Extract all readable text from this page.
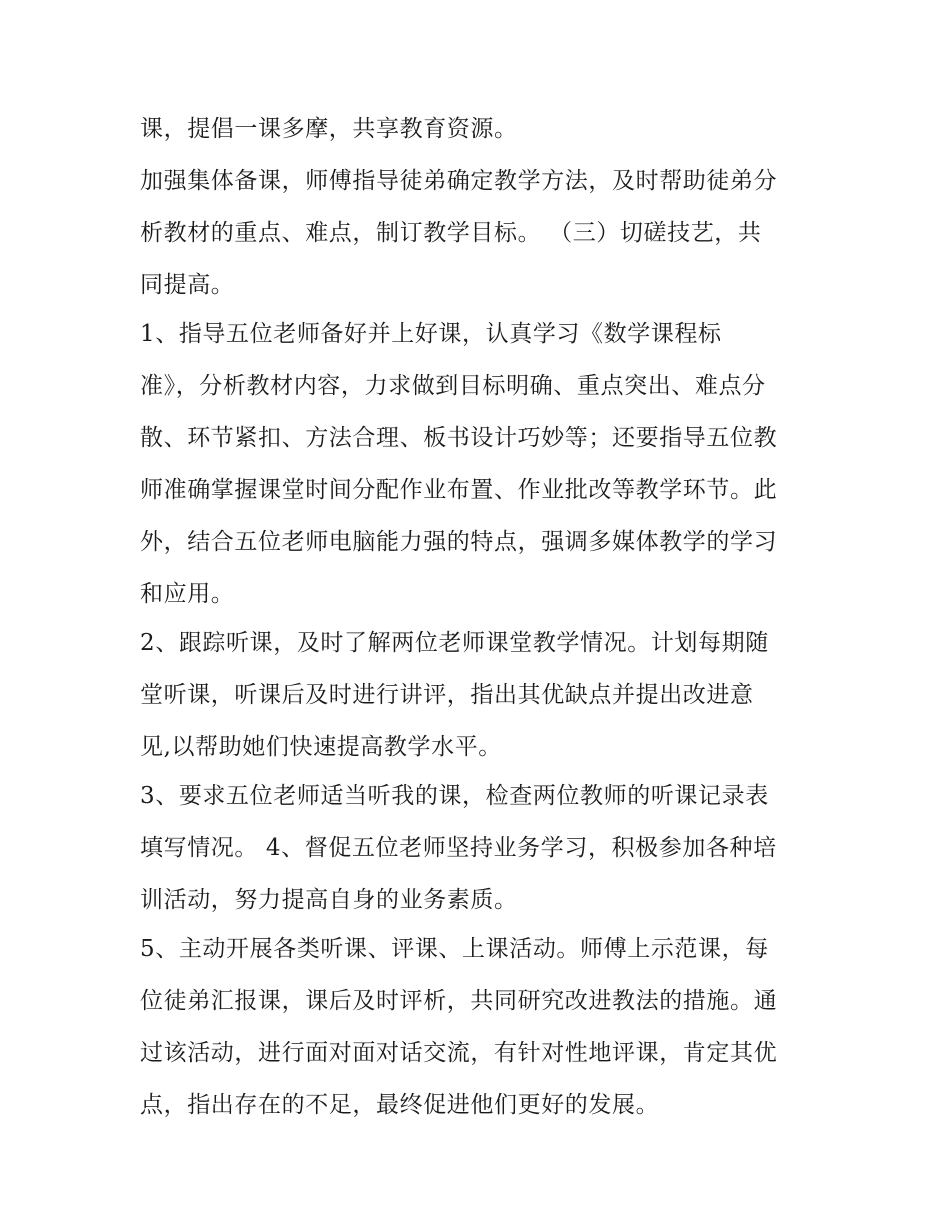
课，提倡一课多摩，共享教育资源。

加强集体备课，师傅指导徒弟确定教学方法，及时帮助徒弟分

析教材的重点、难点，制订教学目标。 （三）切磋技艺，共

同提高。

1、指导五位老师备好并上好课，认真学习《数学课程标

准》，分析教材内容，力求做到目标明确、重点突出、难点分

散、环节紧扣、方法合理、板书设计巧妙等；还要指导五位教

师准确掌握课堂时间分配作业布置、作业批改等教学环节。此

外，结合五位老师电脑能力强的特点，强调多媒体教学的学习

和应用。

2、跟踪听课，及时了解两位老师课堂教学情况。计划每期随

堂听课，听课后及时进行讲评，指出其优缺点并提出改进意

见,以帮助她们快速提高教学水平。

3、要求五位老师适当听我的课，检查两位教师的听课记录表

填写情况。 4、督促五位老师坚持业务学习，积极参加各种培

训活动，努力提高自身的业务素质。

5、主动开展各类听课、评课、上课活动。师傅上示范课，每

位徒弟汇报课，课后及时评析，共同研究改进教法的措施。通

过该活动，进行面对面对话交流，有针对性地评课，肯定其优

点，指出存在的不足，最终促进他们更好的发展。
